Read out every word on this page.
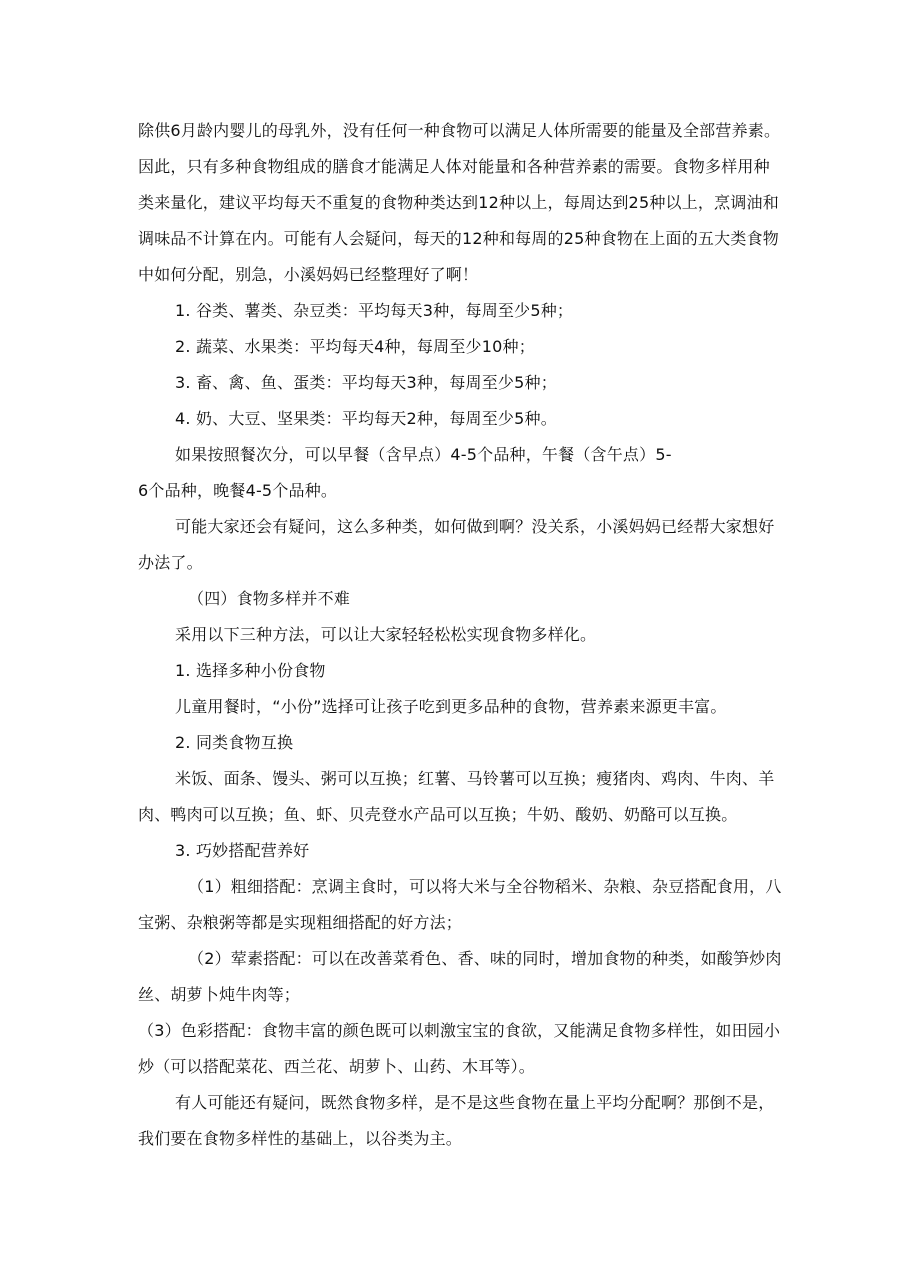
除供6月龄内婴儿的母乳外，没有任何一种食物可以满足人体所需要的能量及全部营养素。
因此，只有多种食物组成的膳食才能满足人体对能量和各种营养素的需要。食物多样用种
类来量化，建议平均每天不重复的食物种类达到12种以上，每周达到25种以上，烹调油和
调味品不计算在内。可能有人会疑问，每天的12种和每周的25种食物在上面的五大类食物
中如何分配，别急，小溪妈妈已经整理好了啊！
1. 谷类、薯类、杂豆类：平均每天3种，每周至少5种；
2. 蔬菜、水果类：平均每天4种，每周至少10种；
3. 畜、禽、鱼、蛋类：平均每天3种，每周至少5种；
4. 奶、大豆、坚果类：平均每天2种，每周至少5种。
如果按照餐次分，可以早餐（含早点）4-5个品种，午餐（含午点）5-
6个品种，晚餐4-5个品种。
可能大家还会有疑问，这么多种类，如何做到啊？没关系，小溪妈妈已经帮大家想好
办法了。
（四）食物多样并不难
采用以下三种方法，可以让大家轻轻松松实现食物多样化。
1. 选择多种小份食物
儿童用餐时，“小份”选择可让孩子吃到更多品种的食物，营养素来源更丰富。
2. 同类食物互换
米饭、面条、馒头、粥可以互换；红薯、马铃薯可以互换；瘦猪肉、鸡肉、牛肉、羊
肉、鸭肉可以互换；鱼、虾、贝壳登水产品可以互换；牛奶、酸奶、奶酪可以互换。
3. 巧妙搭配营养好
（1）粗细搭配：烹调主食时，可以将大米与全谷物稻米、杂粮、杂豆搭配食用，八
宝粥、杂粮粥等都是实现粗细搭配的好方法；
（2）荤素搭配：可以在改善菜肴色、香、味的同时，增加食物的种类，如酸笋炒肉
丝、胡萝卜炖牛肉等；
（3）色彩搭配：食物丰富的颜色既可以刺激宝宝的食欲，又能满足食物多样性，如田园小
炒（可以搭配菜花、西兰花、胡萝卜、山药、木耳等）。
有人可能还有疑问，既然食物多样，是不是这些食物在量上平均分配啊？那倒不是，
我们要在食物多样性的基础上，以谷类为主。
